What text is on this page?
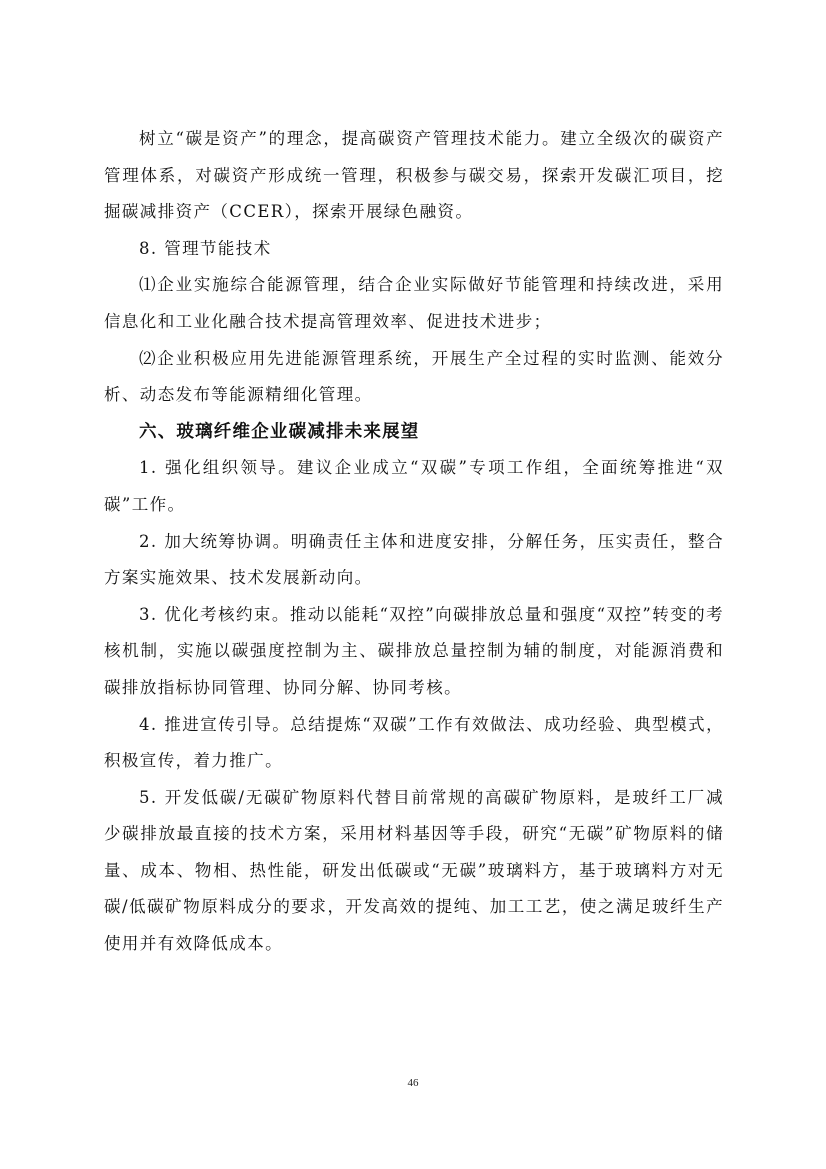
树立“碳是资产”的理念，提高碳资产管理技术能力。建立全级次的碳资产管理体系，对碳资产形成统一管理，积极参与碳交易，探索开发碳汇项目，挖掘碳减排资产（CCER），探索开展绿色融资。

8. 管理节能技术

⑴企业实施综合能源管理，结合企业实际做好节能管理和持续改进，采用信息化和工业化融合技术提高管理效率、促进技术进步；

⑵企业积极应用先进能源管理系统，开展生产全过程的实时监测、能效分析、动态发布等能源精细化管理。

六、玻璃纤维企业碳减排未来展望

1. 强化组织领导。建议企业成立“双碳”专项工作组，全面统筹推进“双碳”工作。

2. 加大统筹协调。明确责任主体和进度安排，分解任务，压实责任，整合方案实施效果、技术发展新动向。

3. 优化考核约束。推动以能耗“双控”向碳排放总量和强度“双控”转变的考核机制，实施以碳强度控制为主、碳排放总量控制为辅的制度，对能源消费和碳排放指标协同管理、协同分解、协同考核。

4. 推进宣传引导。总结提炼“双碳”工作有效做法、成功经验、典型模式，积极宣传，着力推广。

5. 开发低碳/无碳矿物原料代替目前常规的高碳矿物原料，是玻纤工厂减少碳排放最直接的技术方案，采用材料基因等手段，研究“无碳”矿物原料的储量、成本、物相、热性能，研发出低碳或“无碳”玻璃料方，基于玻璃料方对无碳/低碳矿物原料成分的要求，开发高效的提纯、加工工艺，使之满足玻纤生产使用并有效降低成本。

46
